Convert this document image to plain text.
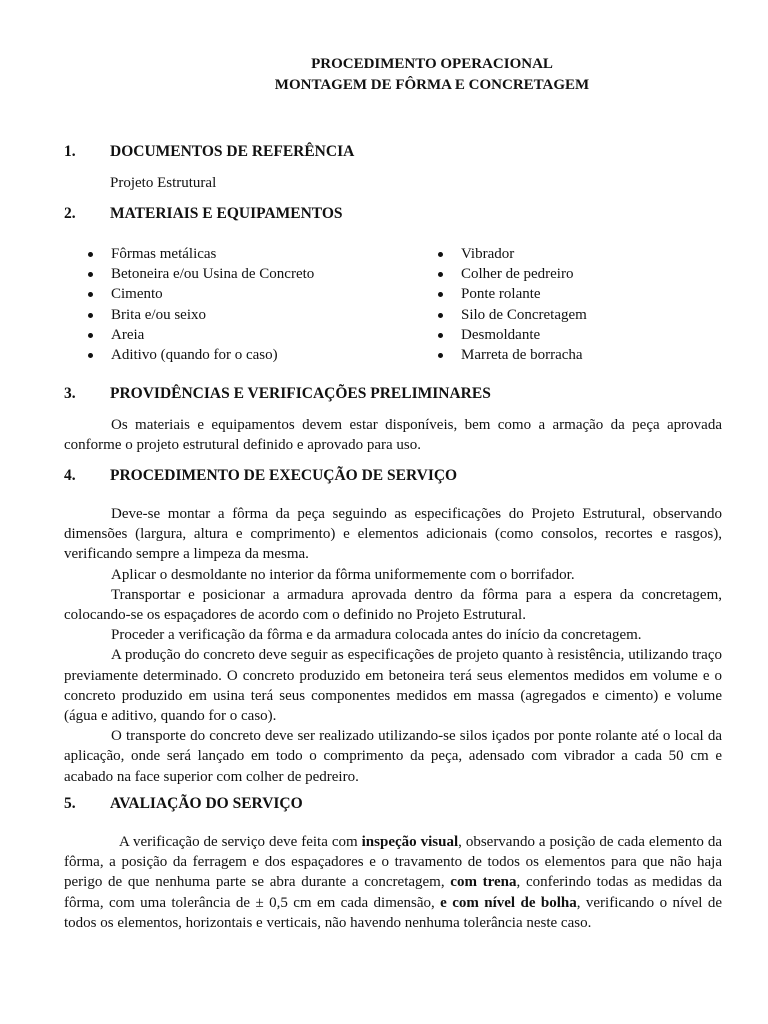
PROCEDIMENTO OPERACIONAL
MONTAGEM DE FÔRMA E CONCRETAGEM
1. DOCUMENTOS DE REFERÊNCIA
Projeto Estrutural
2. MATERIAIS E EQUIPAMENTOS
Fôrmas metálicas
Betoneira e/ou Usina de Concreto
Cimento
Brita e/ou seixo
Areia
Aditivo (quando for o caso)
Vibrador
Colher de pedreiro
Ponte rolante
Silo de Concretagem
Desmoldante
Marreta de borracha
3. PROVIDÊNCIAS E VERIFICAÇÕES PRELIMINARES

Os materiais e equipamentos devem estar disponíveis, bem como a armação da peça aprovada conforme o projeto estrutural definido e aprovado para uso.

4. PROCEDIMENTO DE EXECUÇÃO DE SERVIÇO

Deve-se montar a fôrma da peça seguindo as especificações do Projeto Estrutural, observando dimensões (largura, altura e comprimento) e elementos adicionais (como consolos, recortes e rasgos), verificando sempre a limpeza da mesma.

Aplicar o desmoldante no interior da fôrma uniformemente com o borrifador.

Transportar e posicionar a armadura aprovada dentro da fôrma para a espera da concretagem, colocando-se os espaçadores de acordo com o definido no Projeto Estrutural.

Proceder a verificação da fôrma e da armadura colocada antes do início da concretagem.

A produção do concreto deve seguir as especificações de projeto quanto à resistência, utilizando traço previamente determinado. O concreto produzido em betoneira terá seus elementos medidos em volume e o concreto produzido em usina terá seus componentes medidos em massa (agregados e cimento) e volume (água e aditivo, quando for o caso).

O transporte do concreto deve ser realizado utilizando-se silos içados por ponte rolante até o local da aplicação, onde será lançado em todo o comprimento da peça, adensado com vibrador a cada 50 cm e acabado na face superior com colher de pedreiro.

5. AVALIAÇÃO DO SERVIÇO

A verificação de serviço deve feita com inspeção visual, observando a posição de cada elemento da fôrma, a posição da ferragem e dos espaçadores e o travamento de todos os elementos para que não haja perigo de que nenhuma parte se abra durante a concretagem, com trena, conferindo todas as medidas da fôrma, com uma tolerância de ± 0,5 cm em cada dimensão, e com nível de bolha, verificando o nível de todos os elementos, horizontais e verticais, não havendo nenhuma tolerância neste caso.
